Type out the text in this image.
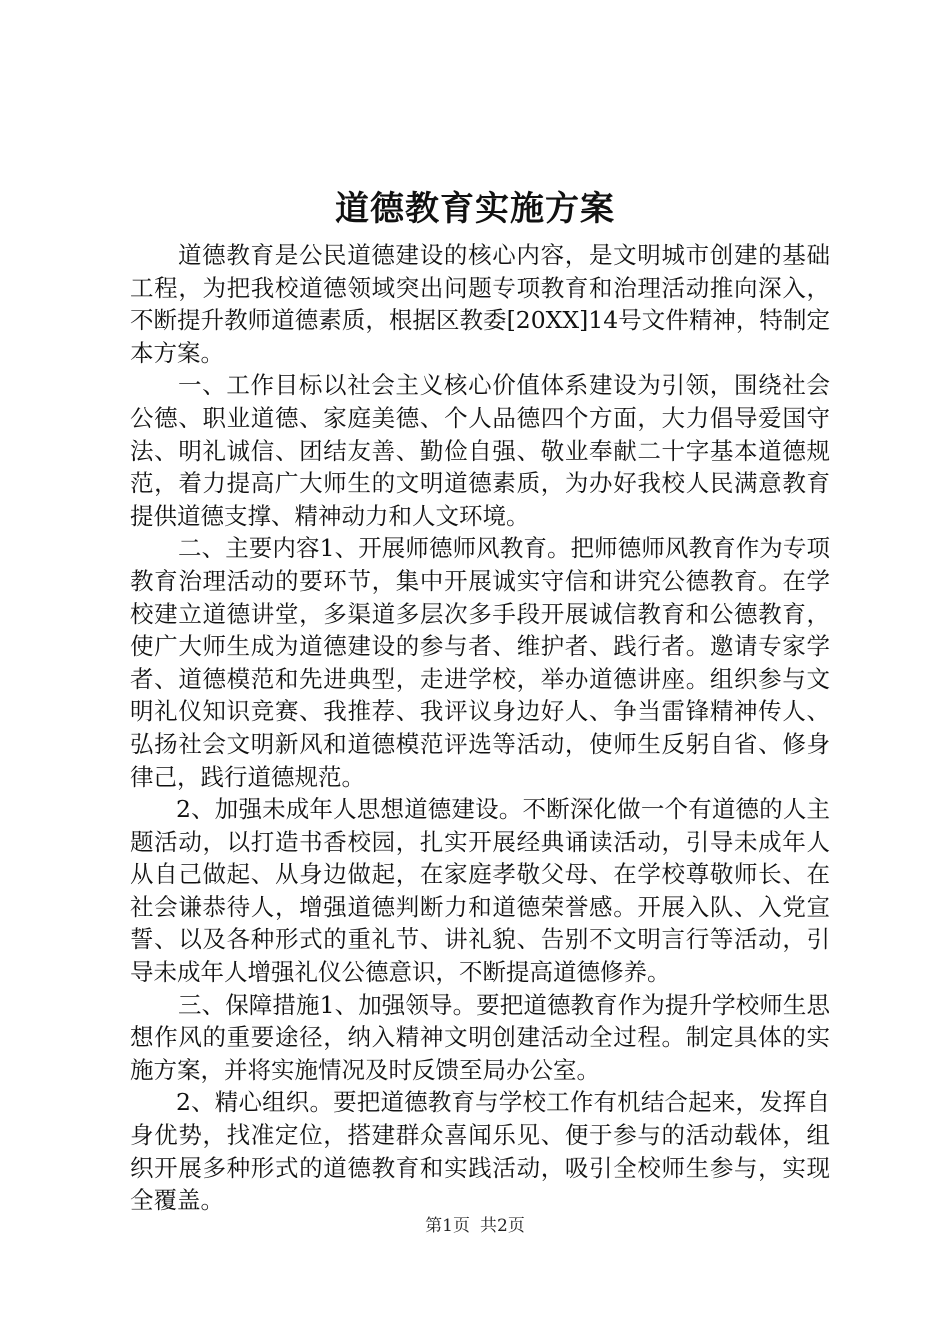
道德教育实施方案

道德教育是公民道德建设的核心内容，是文明城市创建的基础工程，为把我校道德领域突出问题专项教育和治理活动推向深入，不断提升教师道德素质，根据区教委[20XX]14号文件精神，特制定本方案。

一、工作目标以社会主义核心价值体系建设为引领，围绕社会公德、职业道德、家庭美德、个人品德四个方面，大力倡导爱国守法、明礼诚信、团结友善、勤俭自强、敬业奉献二十字基本道德规范，着力提高广大师生的文明道德素质，为办好我校人民满意教育提供道德支撑、精神动力和人文环境。

二、主要内容1、开展师德师风教育。把师德师风教育作为专项教育治理活动的要环节，集中开展诚实守信和讲究公德教育。在学校建立道德讲堂，多渠道多层次多手段开展诚信教育和公德教育，使广大师生成为道德建设的参与者、维护者、践行者。邀请专家学者、道德模范和先进典型，走进学校，举办道德讲座。组织参与文明礼仪知识竞赛、我推荐、我评议身边好人、争当雷锋精神传人、弘扬社会文明新风和道德模范评选等活动，使师生反躬自省、修身律己，践行道德规范。

2、加强未成年人思想道德建设。不断深化做一个有道德的人主题活动，以打造书香校园，扎实开展经典诵读活动，引导未成年人从自己做起、从身边做起，在家庭孝敬父母、在学校尊敬师长、在社会谦恭待人，增强道德判断力和道德荣誉感。开展入队、入党宣誓、以及各种形式的重礼节、讲礼貌、告别不文明言行等活动，引导未成年人增强礼仪公德意识，不断提高道德修养。

三、保障措施1、加强领导。要把道德教育作为提升学校师生思想作风的重要途径，纳入精神文明创建活动全过程。制定具体的实施方案，并将实施情况及时反馈至局办公室。

2、精心组织。要把道德教育与学校工作有机结合起来，发挥自身优势，找准定位，搭建群众喜闻乐见、便于参与的活动载体，组织开展多种形式的道德教育和实践活动，吸引全校师生参与，实现全覆盖。

第1页 共2页
